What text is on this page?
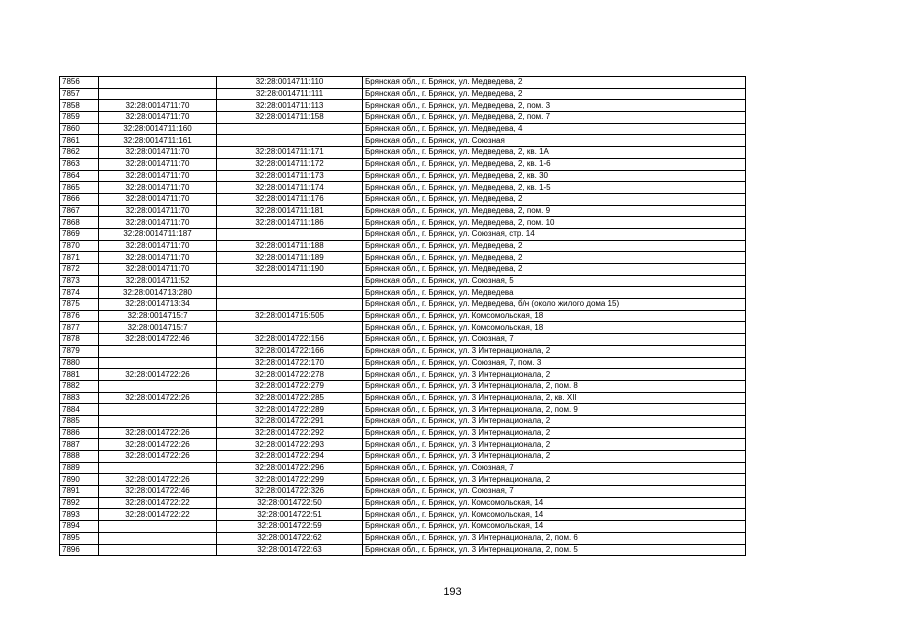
7856		32:28:0014711:110	Брянская обл., г. Брянск, ул. Медведева, 2
7857		32:28:0014711:111	Брянская обл., г. Брянск, ул. Медведева, 2
7858	32:28:0014711:70	32:28:0014711:113	Брянская обл., г. Брянск, ул. Медведева, 2, пом. 3
7859	32:28:0014711:70	32:28:0014711:158	Брянская обл., г. Брянск, ул. Медведева, 2, пом. 7
7860	32:28:0014711:160		Брянская обл., г. Брянск, ул. Медведева, 4
7861	32:28:0014711:161		Брянская обл., г. Брянск, ул. Союзная
7862	32:28:0014711:70	32:28:0014711:171	Брянская обл., г. Брянск, ул. Медведева, 2, кв. 1А
7863	32:28:0014711:70	32:28:0014711:172	Брянская обл., г. Брянск, ул. Медведева, 2, кв. 1-6
7864	32:28:0014711:70	32:28:0014711:173	Брянская обл., г. Брянск, ул. Медведева, 2, кв. 30
7865	32:28:0014711:70	32:28:0014711:174	Брянская обл., г. Брянск, ул. Медведева, 2, кв. 1-5
7866	32:28:0014711:70	32:28:0014711:176	Брянская обл., г. Брянск, ул. Медведева, 2
7867	32:28:0014711:70	32:28:0014711:181	Брянская обл., г. Брянск, ул. Медведева, 2, пом. 9
7868	32:28:0014711:70	32:28:0014711:186	Брянская обл., г. Брянск, ул. Медведева, 2, пом. 10
7869	32:28:0014711:187		Брянская обл., г. Брянск, ул. Союзная, стр. 14
7870	32:28:0014711:70	32:28:0014711:188	Брянская обл., г. Брянск, ул. Медведева, 2
7871	32:28:0014711:70	32:28:0014711:189	Брянская обл., г. Брянск, ул. Медведева, 2
7872	32:28:0014711:70	32:28:0014711:190	Брянская обл., г. Брянск, ул. Медведева, 2
7873	32:28:0014711:52		Брянская обл., г. Брянск, ул. Союзная, 5
7874	32:28:0014713:280		Брянская обл., г. Брянск, ул. Медведева
7875	32:28:0014713:34		Брянская обл., г. Брянск, ул. Медведева, б/н (около жилого дома 15)
7876	32:28:0014715:7	32:28:0014715:505	Брянская обл., г. Брянск, ул. Комсомольская, 18
7877	32:28:0014715:7		Брянская обл., г. Брянск, ул. Комсомольская, 18
7878	32:28:0014722:46	32:28:0014722:156	Брянская обл., г. Брянск, ул. Союзная, 7
7879		32:28:0014722:166	Брянская обл., г. Брянск, ул. 3 Интернационала, 2
7880		32:28:0014722:170	Брянская обл., г. Брянск, ул. Союзная, 7, пом. 3
7881	32:28:0014722:26	32:28:0014722:278	Брянская обл., г. Брянск, ул. 3 Интернационала, 2
7882		32:28:0014722:279	Брянская обл., г. Брянск, ул. 3 Интернационала, 2, пом. 8
7883	32:28:0014722:26	32:28:0014722:285	Брянская обл., г. Брянск, ул. 3 Интернационала, 2, кв. XII
7884		32:28:0014722:289	Брянская обл., г. Брянск, ул. 3 Интернационала, 2, пом. 9
7885		32:28:0014722:291	Брянская обл., г. Брянск, ул. 3 Интернационала, 2
7886	32:28:0014722:26	32:28:0014722:292	Брянская обл., г. Брянск, ул. 3 Интернационала, 2
7887	32:28:0014722:26	32:28:0014722:293	Брянская обл., г. Брянск, ул. 3 Интернационала, 2
7888	32:28:0014722:26	32:28:0014722:294	Брянская обл., г. Брянск, ул. 3 Интернационала, 2
7889		32:28:0014722:296	Брянская обл., г. Брянск, ул. Союзная, 7
7890	32:28:0014722:26	32:28:0014722:299	Брянская обл., г. Брянск, ул. 3 Интернационала, 2
7891	32:28:0014722:46	32:28:0014722:326	Брянская обл., г. Брянск, ул. Союзная, 7
7892	32:28:0014722:22	32:28:0014722:50	Брянская обл., г. Брянск, ул. Комсомольская, 14
7893	32:28:0014722:22	32:28:0014722:51	Брянская обл., г. Брянск, ул. Комсомольская, 14
7894		32:28:0014722:59	Брянская обл., г. Брянск, ул. Комсомольская, 14
7895		32:28:0014722:62	Брянская обл., г. Брянск, ул. 3 Интернационала, 2, пом. 6
7896		32:28:0014722:63	Брянская обл., г. Брянск, ул. 3 Интернационала, 2, пом. 5
193
